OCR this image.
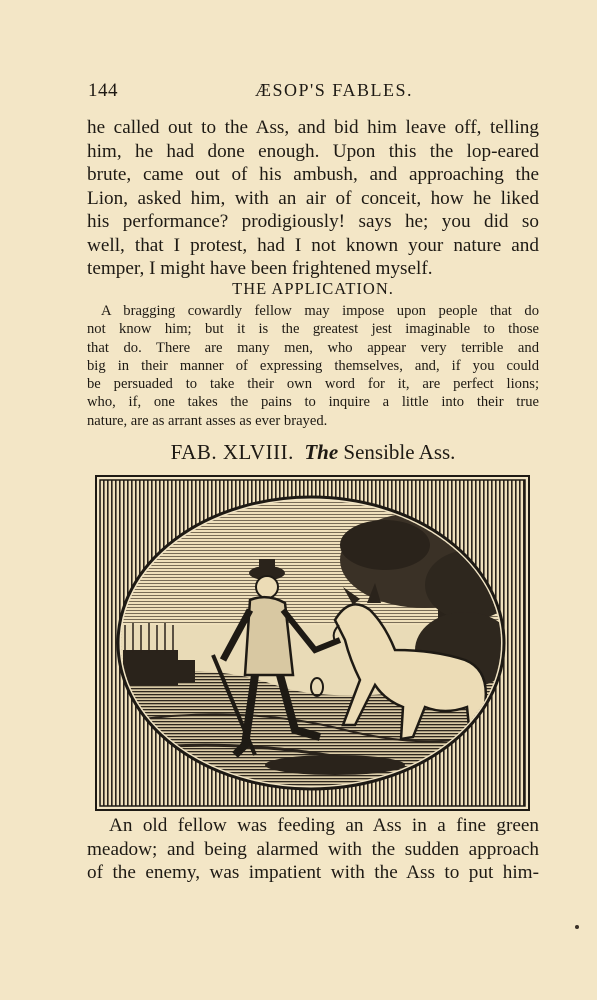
144	ÆSOP'S FABLES.
he called out to the Ass, and bid him leave off, telling
him, he had done enough. Upon this the lop-eared
brute, came out of his ambush, and approaching the
Lion, asked him, with an air of conceit, how he liked
his performance? prodigiously! says he; you did so
well, that I protest, had I not known your nature and
temper, I might have been frightened myself.
THE APPLICATION.
A bragging cowardly fellow may impose upon people that do
not know him; but it is the greatest jest imaginable to those
that do. There are many men, who appear very terrible and
big in their manner of expressing themselves, and, if you could
be persuaded to take their own word for it, are perfect lions;
who, if, one takes the pains to inquire a little into their true
nature, are as arrant asses as ever brayed.
FAB. XLVIII. The Sensible Ass.
An old fellow was feeding an Ass in a fine green
meadow; and being alarmed with the sudden approach
of the enemy, was impatient with the Ass to put him-
